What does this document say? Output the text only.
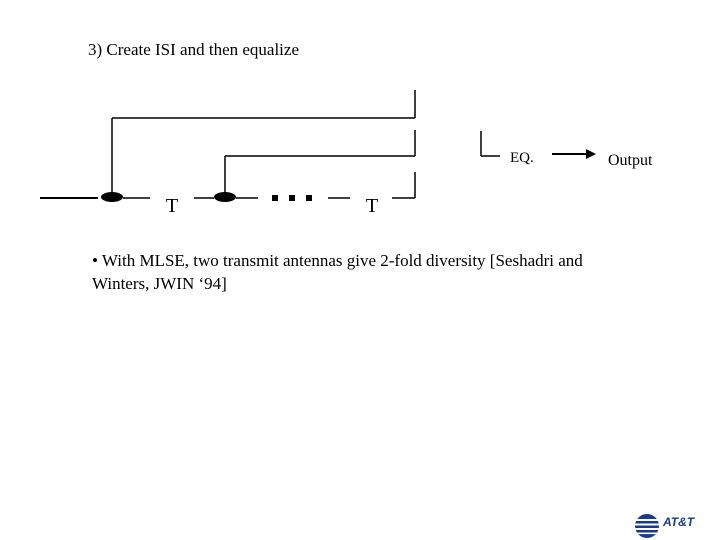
3) Create ISI and then equalize
T	T
EQ.	Output
• With MLSE, two transmit antennas give 2-fold diversity [Seshadri and Winters, JWIN ‘94]
AT&T
